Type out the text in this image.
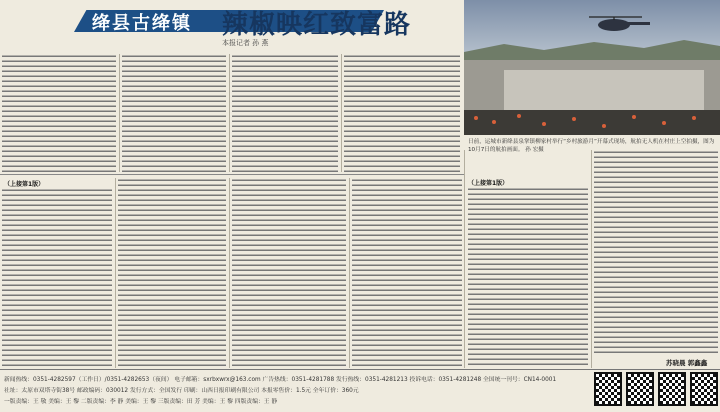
绛县古绛镇 辣椒映红致富路
本报记者 孙 燕
日前，运城市新绛县泉掌镇柳家村举行“乡村旅游月”开幕式现场，航拍无人机在村庄上空拍摄，图为10月7日的航拍画面。 孙 宏摄
（上接第1版）	（上接第1版）
苏晓晨 郭鑫鑫
新闻热线：0351-4282597（工作日）/0351-4282653（夜间） 电子邮箱：sxrbxwrx@163.com 广告热线：0351-4281788 发行热线：0351-4281213 投诉电话：0351-4281248 全国统一刊号：CN14-0001
社址：太原市双塔寺街38号 邮政编码：030012 发行方式：全国发行 印刷：山西日报印刷有限公司 本报零售价：1.5元 全年订价：360元
一版责编：王 敬 美编：王 黎 二版责编：李 静 美编：王 黎 三版责编：田 芳 美编：王 黎 四版责编：王 静
